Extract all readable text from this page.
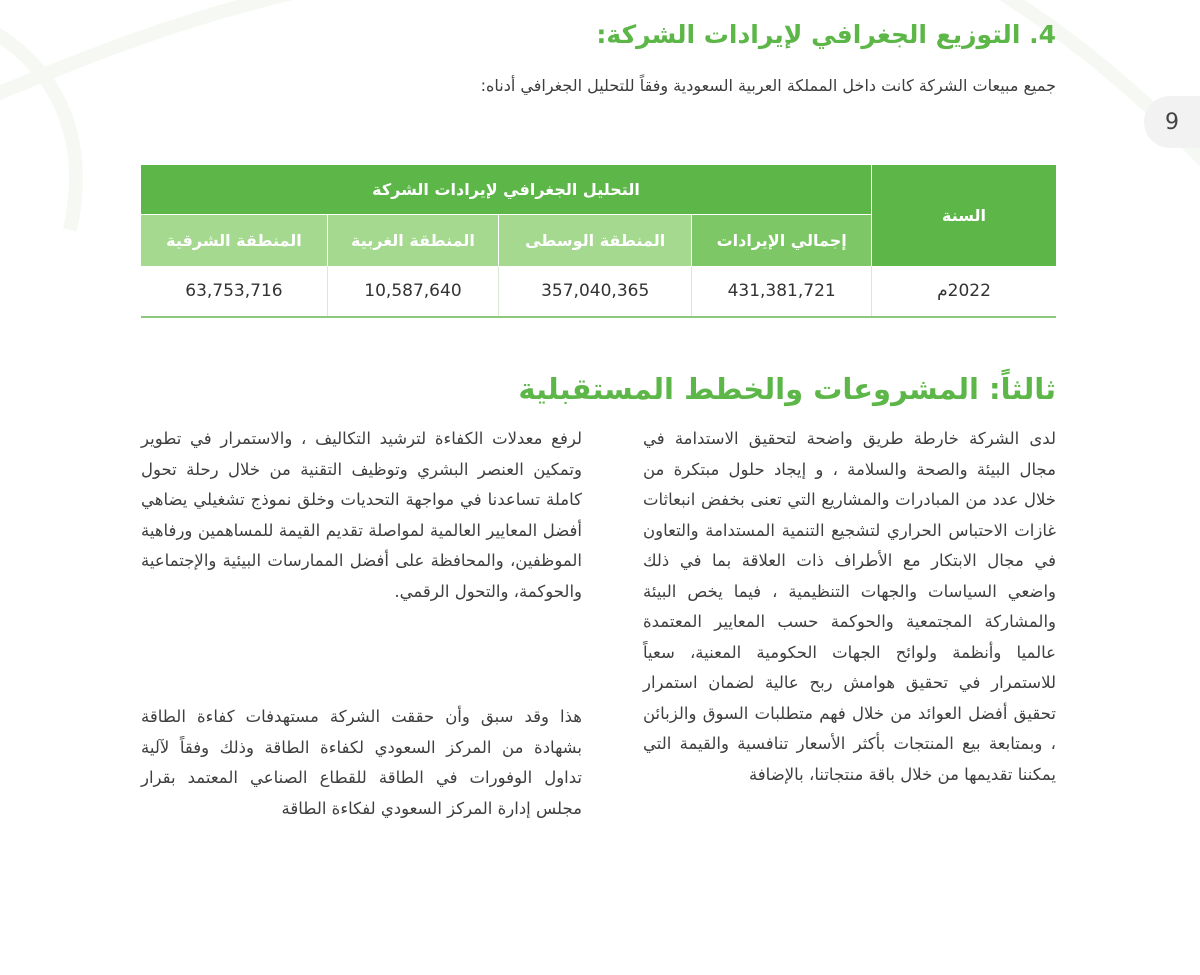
9
4. التوزيع الجغرافي لإيرادات الشركة:

جميع مبيعات الشركة كانت داخل المملكة العربية السعودية وفقاً للتحليل الجغرافي أدناه:

السنة	التحليل الجغرافي لإيرادات الشركة			
	إجمالي الإيرادات	المنطقة الوسطى	المنطقة الغربية	المنطقة الشرقية
2022م	431,381,721	357,040,365	10,587,640	63,753,716
ثالثاً: المشروعات والخطط المستقبلية

لدى الشركة خارطة طريق واضحة لتحقيق الاستدامة في مجال البيئة والصحة والسلامة ، و إيجاد حلول مبتكرة من خلال عدد من المبادرات والمشاريع التي تعنى بخفض انبعاثات غازات الاحتباس الحراري لتشجيع التنمية المستدامة والتعاون في مجال الابتكار مع الأطراف ذات العلاقة بما في ذلك واضعي السياسات والجهات التنظيمية ، فيما يخص البيئة والمشاركة المجتمعية والحوكمة حسب المعايير المعتمدة عالميا وأنظمة ولوائح الجهات الحكومية المعنية، سعياً للاستمرار في تحقيق هوامش ربح عالية لضمان استمرار تحقيق أفضل العوائد من خلال فهم متطلبات السوق والزبائن ، وبمتابعة بيع المنتجات بأكثر الأسعار تنافسية والقيمة التي يمكننا تقديمها من خلال باقة منتجاتنا، بالإضافة

لرفع معدلات الكفاءة لترشيد التكاليف ، والاستمرار في تطوير وتمكين العنصر البشري وتوظيف التقنية من خلال رحلة تحول كاملة تساعدنا في مواجهة التحديات وخلق نموذج تشغيلي يضاهي أفضل المعايير العالمية لمواصلة تقديم القيمة للمساهمين ورفاهية الموظفين، والمحافظة على أفضل الممارسات البيئية والإجتماعية والحوكمة، والتحول الرقمي.

هذا وقد سبق وأن حققت الشركة مستهدفات كفاءة الطاقة بشهادة من المركز السعودي لكفاءة الطاقة وذلك وفقاً لآلية تداول الوفورات في الطاقة للقطاع الصناعي المعتمد بقرار مجلس إدارة المركز السعودي لفكاءة الطاقة
